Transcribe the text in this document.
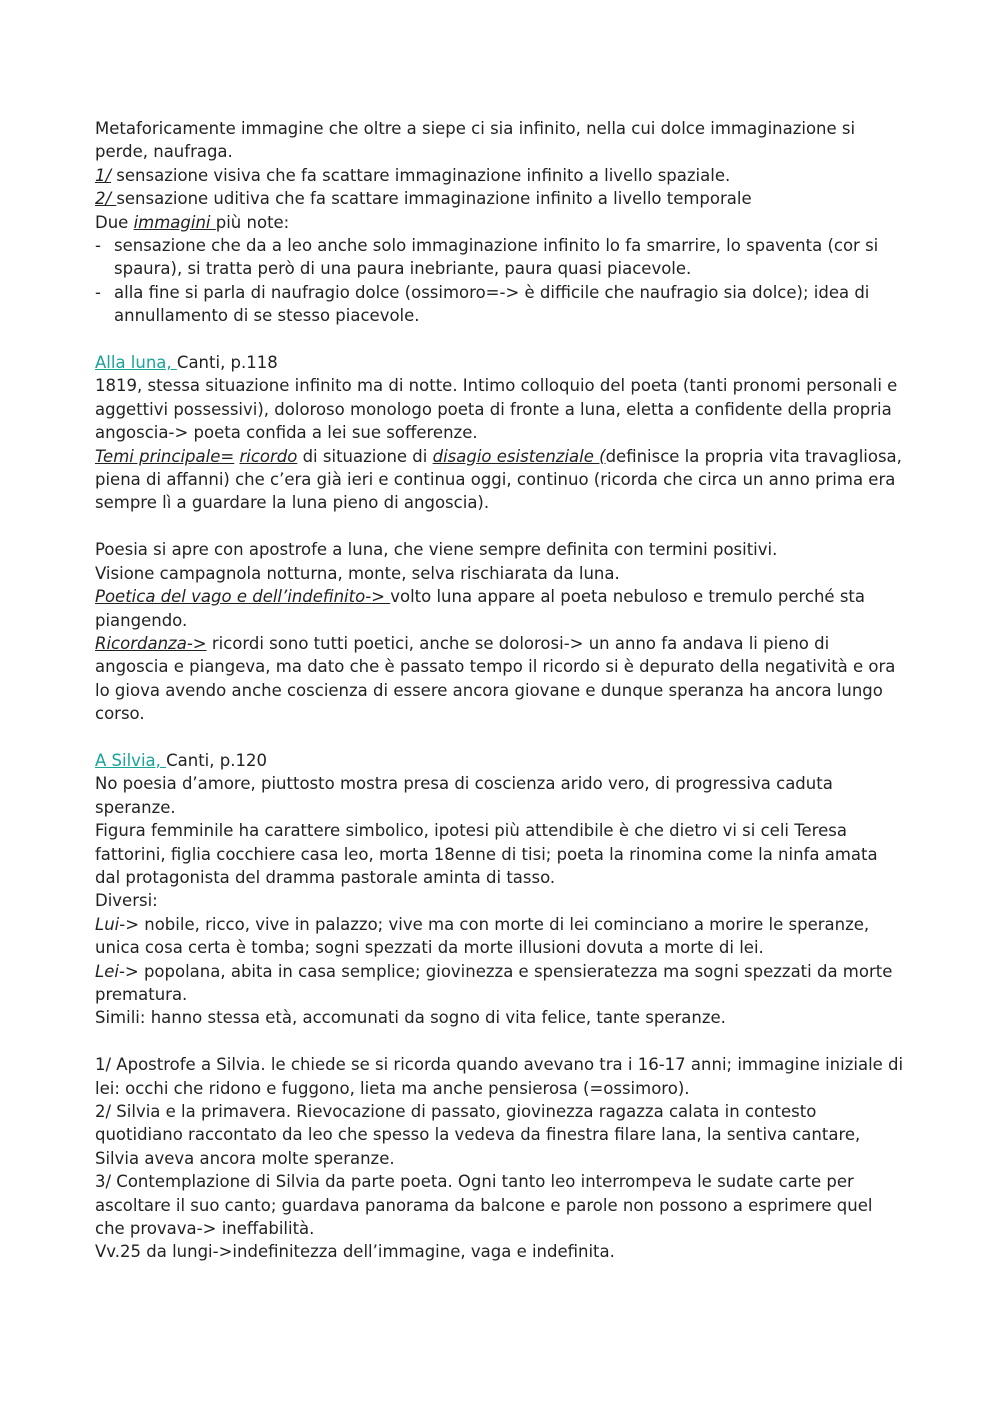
Metaforicamente immagine che oltre a siepe ci sia infinito, nella cui dolce immaginazione si perde, naufraga.

1/ sensazione visiva che fa scattare immaginazione infinito a livello spaziale.

2/ sensazione uditiva che fa scattare immaginazione infinito a livello temporale

Due immagini più note:

- sensazione che da a leo anche solo immaginazione infinito lo fa smarrire, lo spaventa (cor si spaura), si tratta però di una paura inebriante, paura quasi piacevole.
- alla fine si parla di naufragio dolce (ossimoro=-> è difficile che naufragio sia dolce); idea di annullamento di se stesso piacevole.

Alla luna, Canti, p.118

1819, stessa situazione infinito ma di notte. Intimo colloquio del poeta (tanti pronomi personali e aggettivi possessivi), doloroso monologo poeta di fronte a luna, eletta a confidente della propria angoscia-> poeta confida a lei sue sofferenze.

Temi principale= ricordo di situazione di disagio esistenziale (definisce la propria vita travagliosa, piena di affanni) che c’era già ieri e continua oggi, continuo (ricorda che circa un anno prima era sempre lì a guardare la luna pieno di angoscia).

Poesia si apre con apostrofe a luna, che viene sempre definita con termini positivi.

Visione campagnola notturna, monte, selva rischiarata da luna.

Poetica del vago e dell’indefinito-> volto luna appare al poeta nebuloso e tremulo perché sta piangendo.

Ricordanza-> ricordi sono tutti poetici, anche se dolorosi-> un anno fa andava li pieno di angoscia e piangeva, ma dato che è passato tempo il ricordo si è depurato della negatività e ora lo giova avendo anche coscienza di essere ancora giovane e dunque speranza ha ancora lungo corso.

A Silvia, Canti, p.120

No poesia d’amore, piuttosto mostra presa di coscienza arido vero, di progressiva caduta speranze.

Figura femminile ha carattere simbolico, ipotesi più attendibile è che dietro vi si celi Teresa fattorini, figlia cocchiere casa leo, morta 18enne di tisi; poeta la rinomina come la ninfa amata dal protagonista del dramma pastorale aminta di tasso.

Diversi:

Lui-> nobile, ricco, vive in palazzo; vive ma con morte di lei cominciano a morire le speranze, unica cosa certa è tomba; sogni spezzati da morte illusioni dovuta a morte di lei.

Lei-> popolana, abita in casa semplice; giovinezza e spensieratezza ma sogni spezzati da morte prematura.

Simili: hanno stessa età, accomunati da sogno di vita felice, tante speranze.

1/ Apostrofe a Silvia. le chiede se si ricorda quando avevano tra i 16-17 anni; immagine iniziale di lei: occhi che ridono e fuggono, lieta ma anche pensierosa (=ossimoro).

2/ Silvia e la primavera. Rievocazione di passato, giovinezza ragazza calata in contesto quotidiano raccontato da leo che spesso la vedeva da finestra filare lana, la sentiva cantare, Silvia aveva ancora molte speranze.

3/ Contemplazione di Silvia da parte poeta. Ogni tanto leo interrompeva le sudate carte per ascoltare il suo canto; guardava panorama da balcone e parole non possono a esprimere quel che provava-> ineffabilità.

Vv.25 da lungi->indefinitezza dell’immagine, vaga e indefinita.
